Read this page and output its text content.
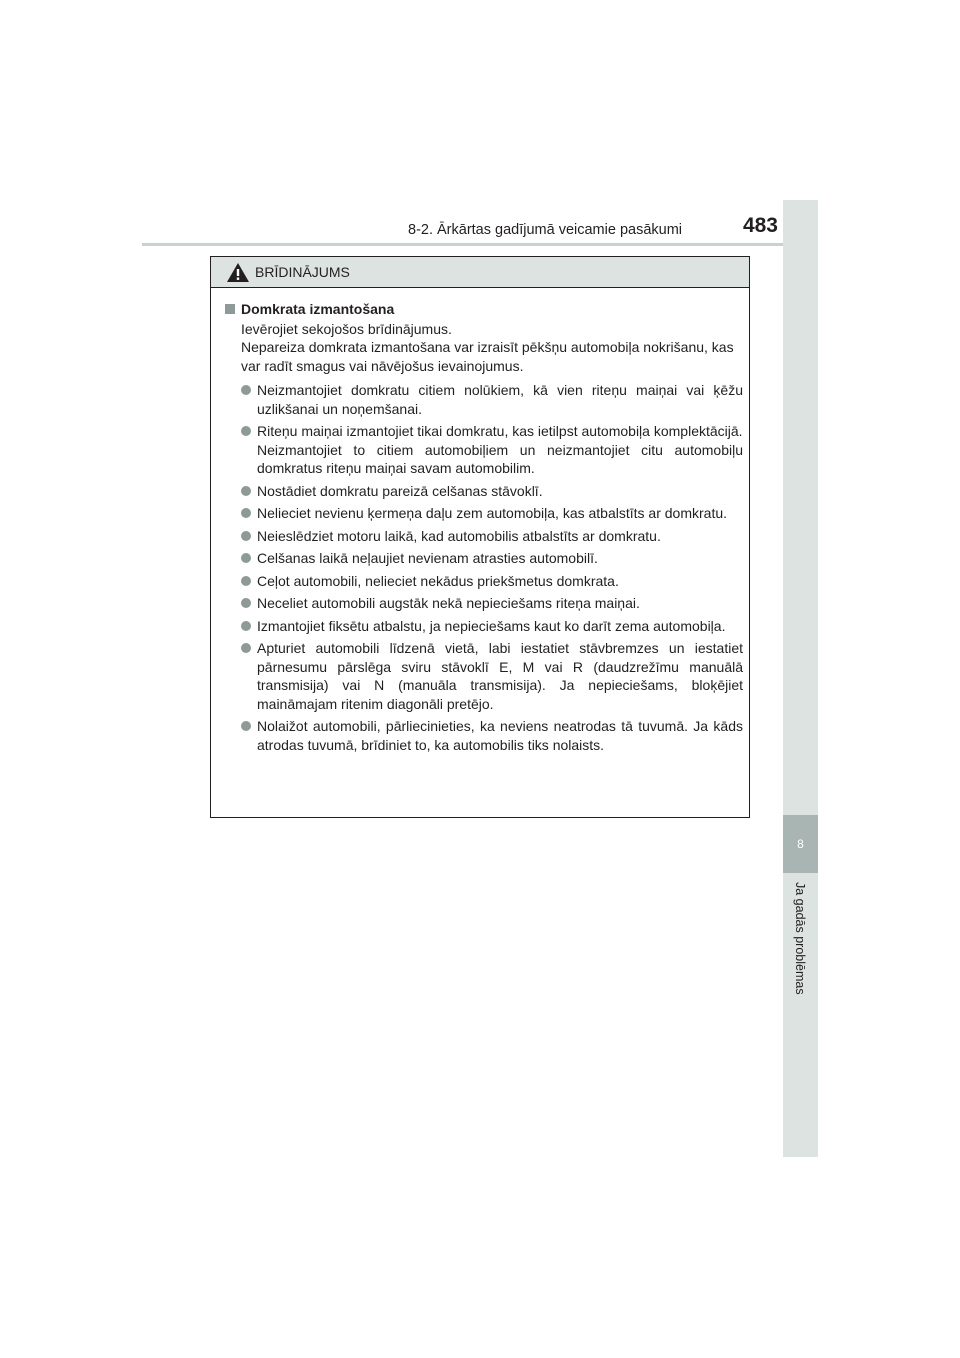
8-2. Ārkārtas gadījumā veicamie pasākumi	483
8
Ja gadās problēmas
BRĪDINĀJUMS
Domkrata izmantošana

Ievērojiet sekojošos brīdinājumus.

Nepareiza domkrata izmantošana var izraisīt pēkšņu automobiļa nokrišanu, kas var radīt smagus vai nāvējošus ievainojumus.

Neizmantojiet domkratu citiem nolūkiem, kā vien riteņu maiņai vai ķēžu uzlikšanai un noņemšanai.

Riteņu maiņai izmantojiet tikai domkratu, kas ietilpst automobiļa komplektācijā.

Neizmantojiet to citiem automobiļiem un neizmantojiet citu automobiļu domkratus riteņu maiņai savam automobilim.

Nostādiet domkratu pareizā celšanas stāvoklī.

Nelieciet nevienu ķermeņa daļu zem automobiļa, kas atbalstīts ar domkratu.

Neieslēdziet motoru laikā, kad automobilis atbalstīts ar domkratu.

Celšanas laikā neļaujiet nevienam atrasties automobilī.

Ceļot automobili, nelieciet nekādus priekšmetus domkrata.

Neceliet automobili augstāk nekā nepieciešams riteņa maiņai.

Izmantojiet fiksētu atbalstu, ja nepieciešams kaut ko darīt zema automobiļa.

Apturiet automobili līdzenā vietā, labi iestatiet stāvbremzes un iestatiet pārnesumu pārslēga sviru stāvoklī E, M vai R (daudzrežīmu manuālā transmisija) vai N (manuāla transmisija). Ja nepieciešams, bloķējiet maināmajam ritenim diagonāli pretējo.

Nolaižot automobili, pārliecinieties, ka neviens neatrodas tā tuvumā. Ja kāds atrodas tuvumā, brīdiniet to, ka automobilis tiks nolaists.
